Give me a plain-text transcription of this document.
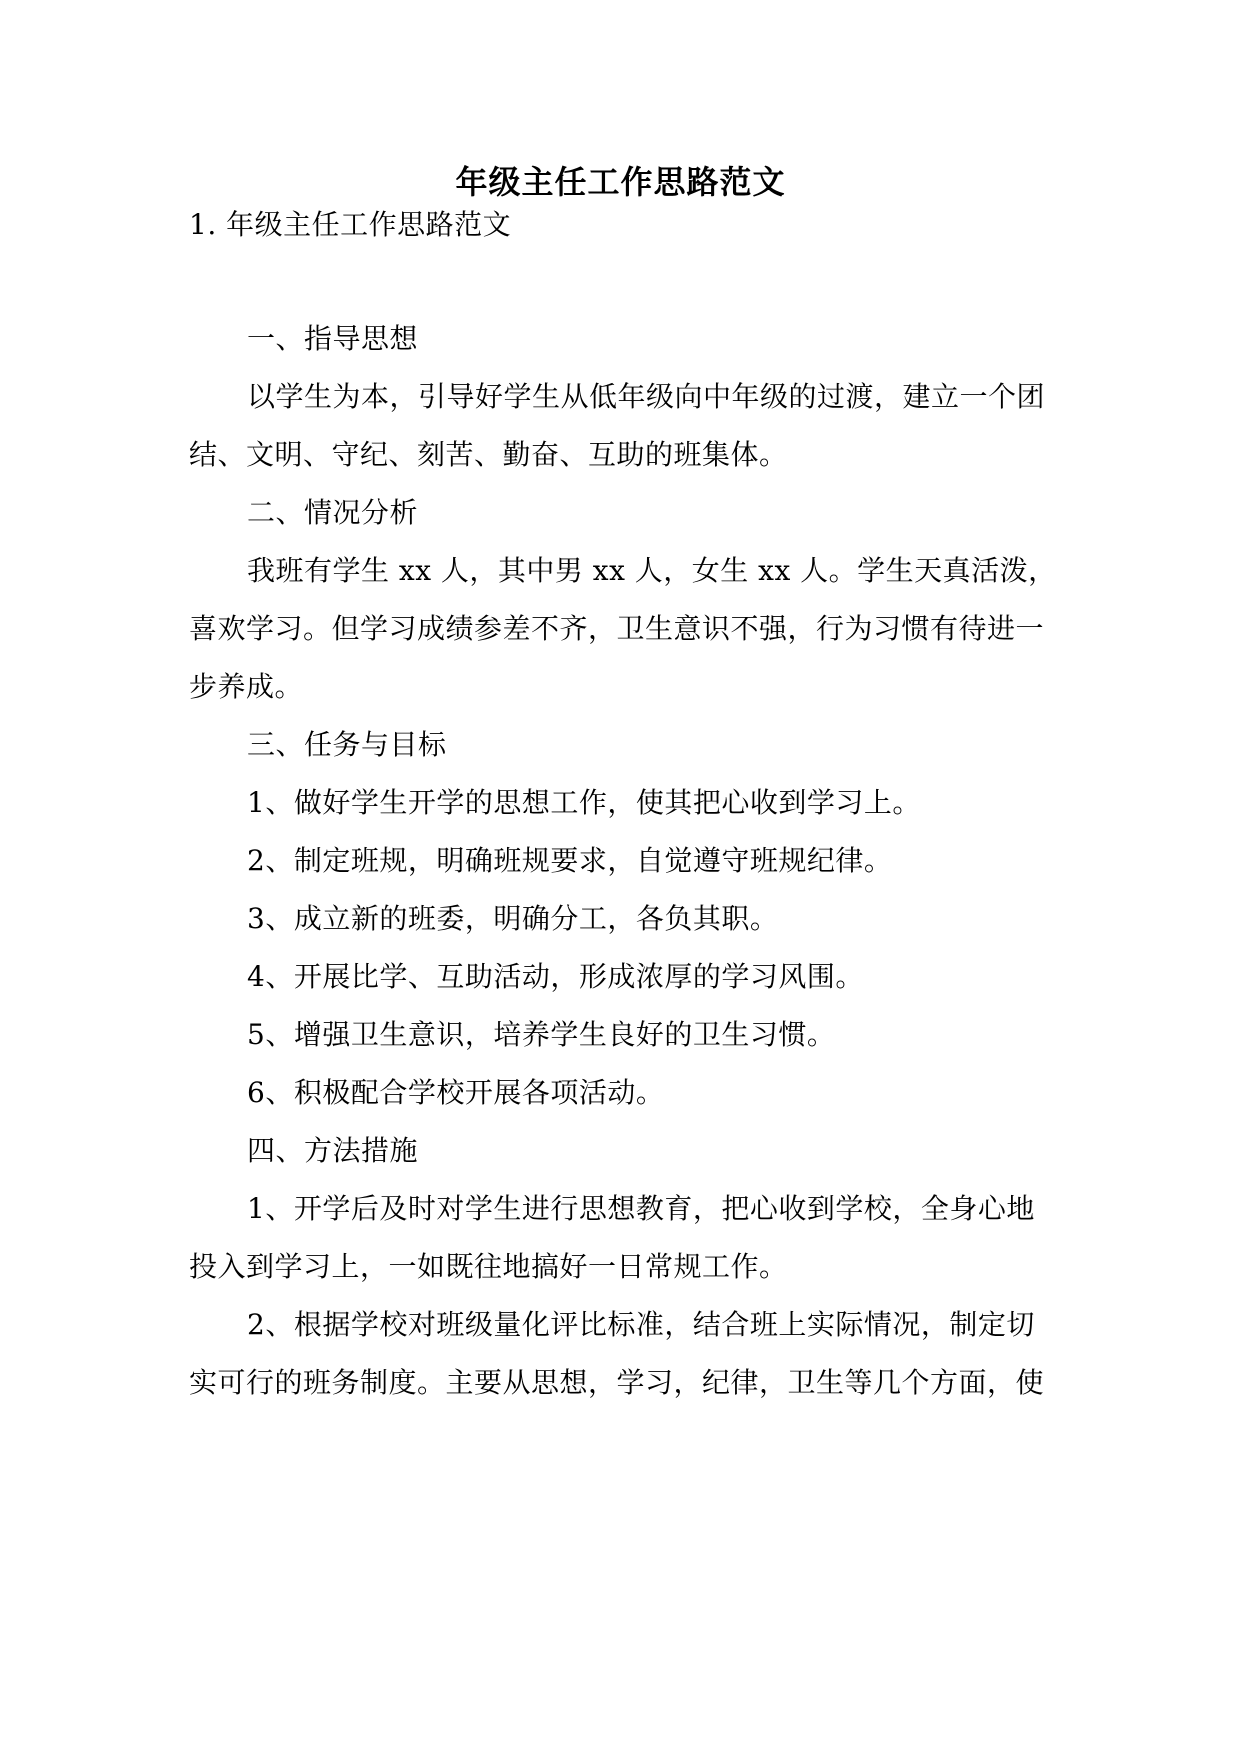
年级主任工作思路范文
1. 年级主任工作思路范文
一、指导思想
以学生为本，引导好学生从低年级向中年级的过渡，建立一个团
结、文明、守纪、刻苦、勤奋、互助的班集体。
二、情况分析
我班有学生 xx 人，其中男 xx 人，女生 xx 人。学生天真活泼，
喜欢学习。但学习成绩参差不齐，卫生意识不强，行为习惯有待进一
步养成。
三、任务与目标
1、做好学生开学的思想工作，使其把心收到学习上。
2、制定班规，明确班规要求，自觉遵守班规纪律。
3、成立新的班委，明确分工，各负其职。
4、开展比学、互助活动，形成浓厚的学习风围。
5、增强卫生意识，培养学生良好的卫生习惯。
6、积极配合学校开展各项活动。
四、方法措施
1、开学后及时对学生进行思想教育，把心收到学校，全身心地
投入到学习上，一如既往地搞好一日常规工作。
2、根据学校对班级量化评比标准，结合班上实际情况，制定切
实可行的班务制度。主要从思想，学习，纪律，卫生等几个方面，使
